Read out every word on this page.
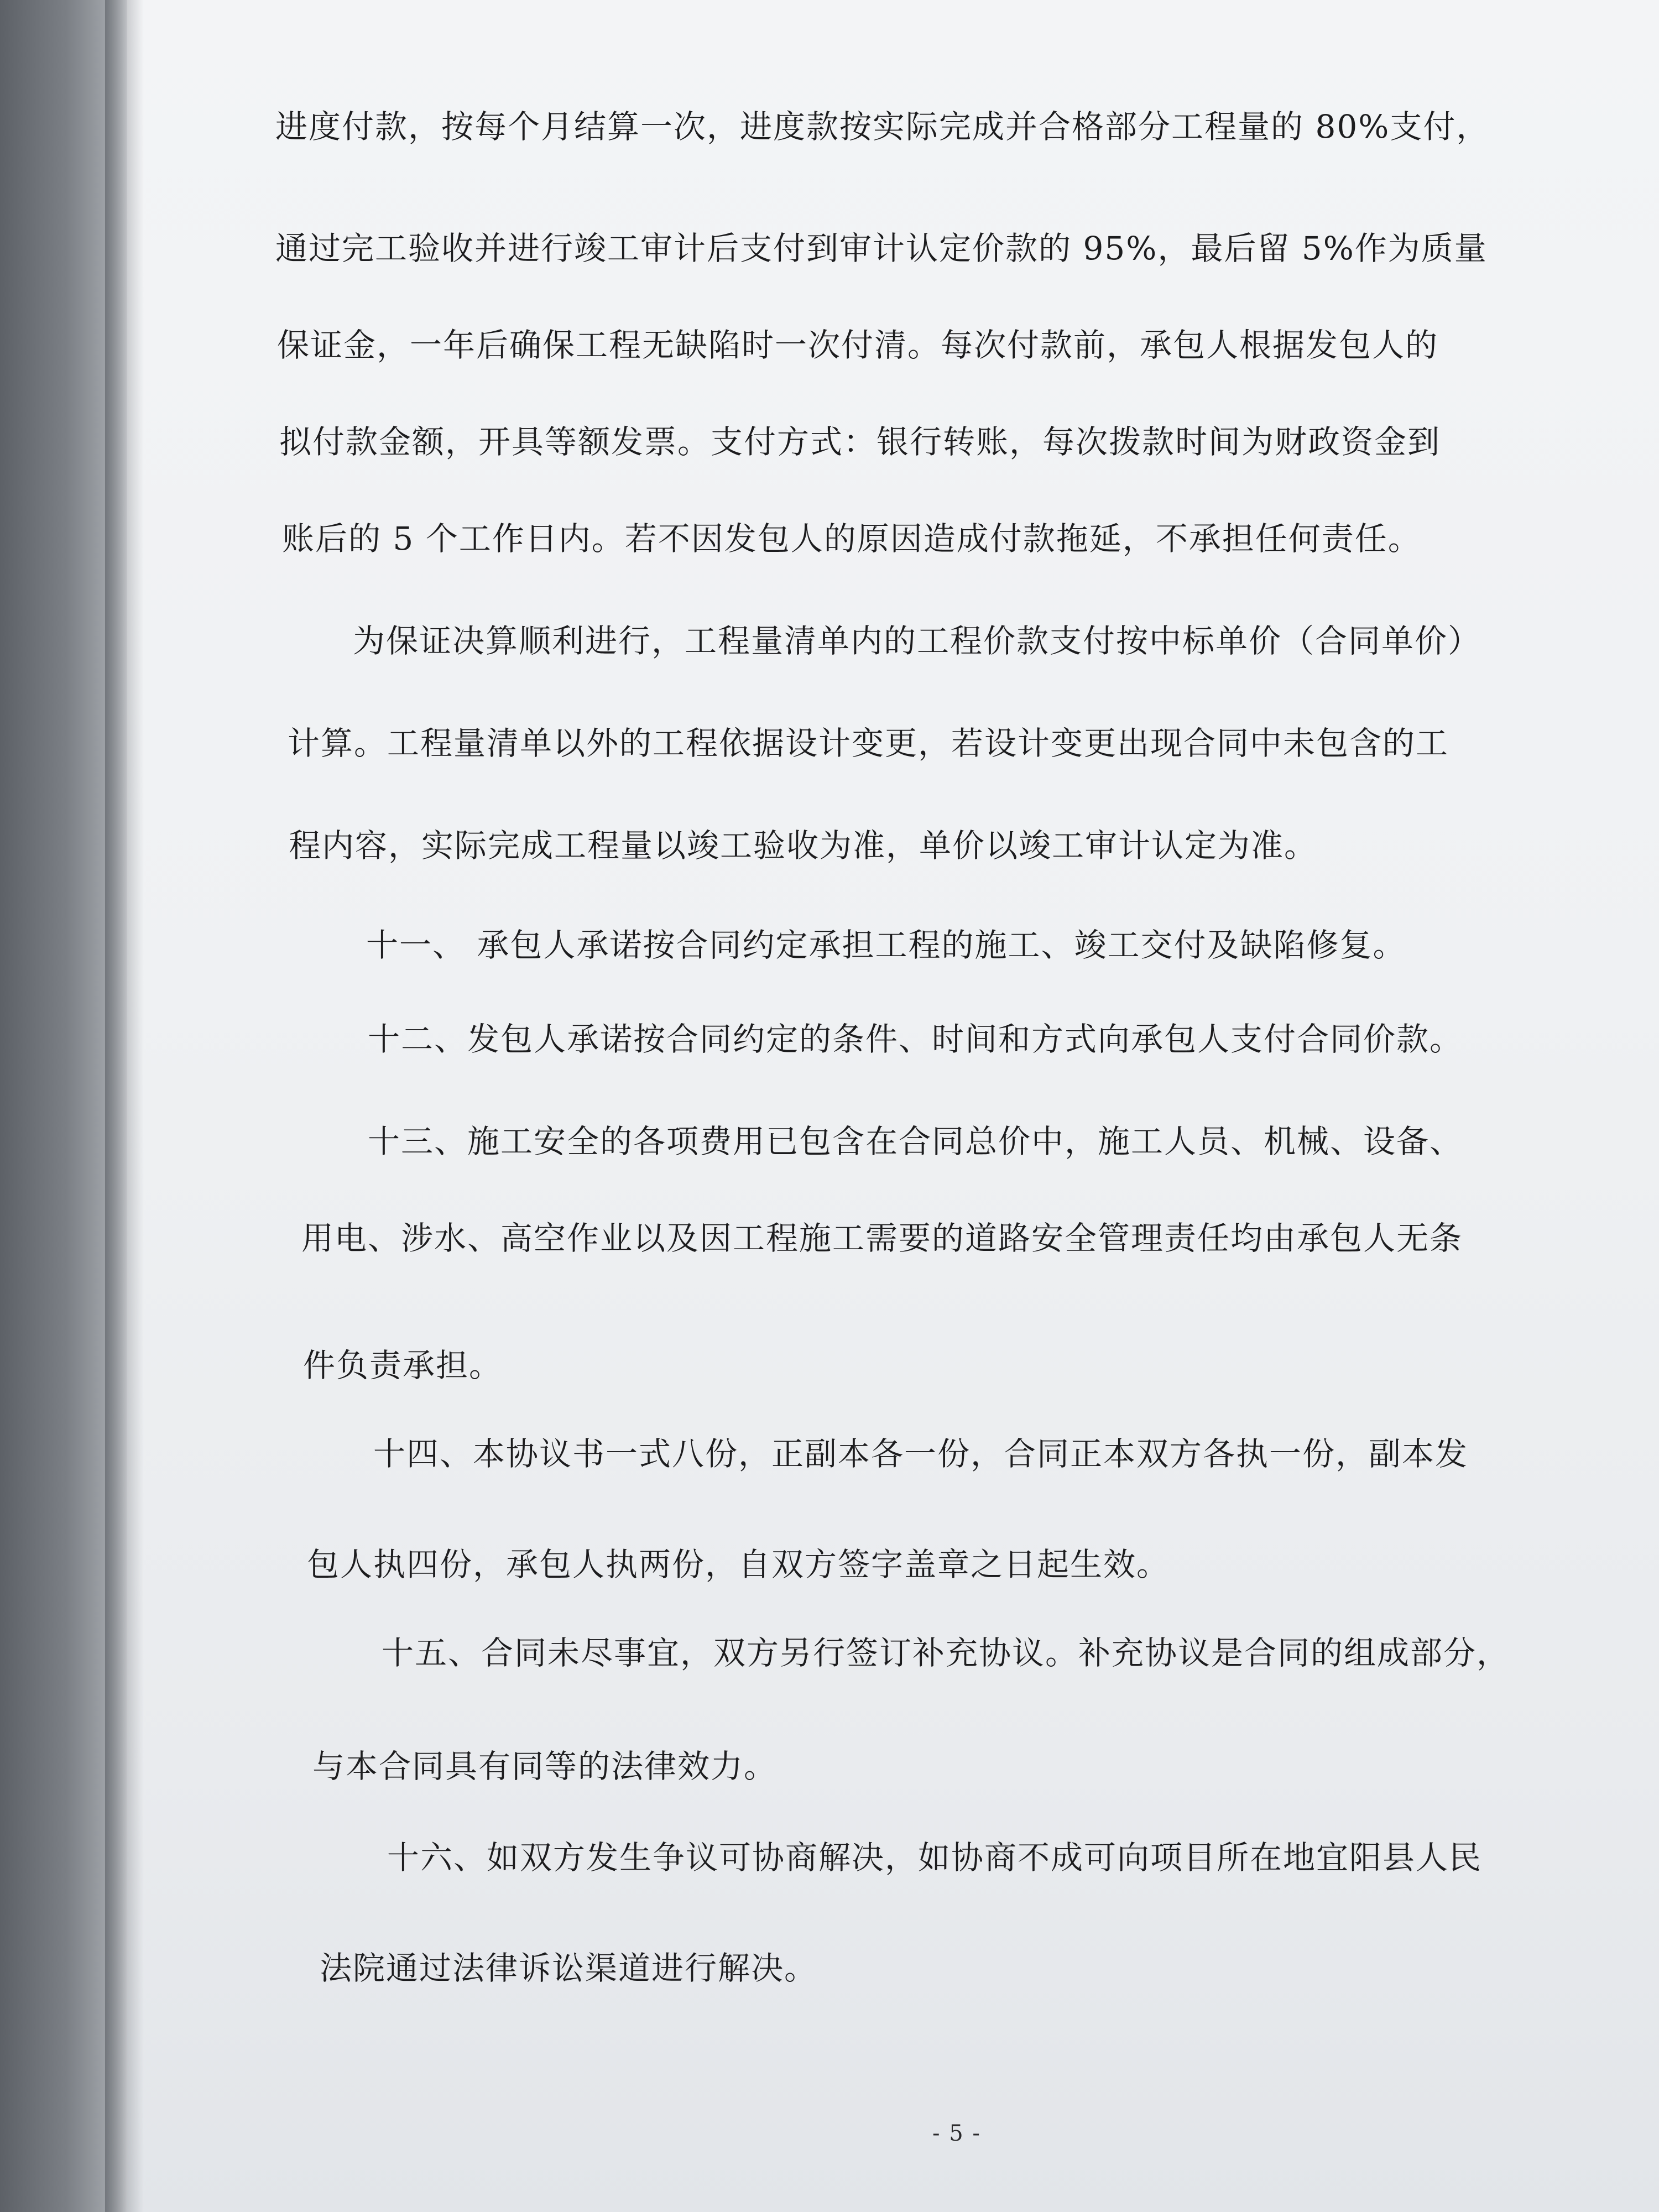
进度付款，按每个月结算一次，进度款按实际完成并合格部分工程量的 80%支付，
通过完工验收并进行竣工审计后支付到审计认定价款的 95%，最后留 5%作为质量
保证金，一年后确保工程无缺陷时一次付清。每次付款前，承包人根据发包人的
拟付款金额，开具等额发票。支付方式：银行转账，每次拨款时间为财政资金到
账后的 5 个工作日内。若不因发包人的原因造成付款拖延，不承担任何责任。
为保证决算顺利进行，工程量清单内的工程价款支付按中标单价（合同单价）
计算。工程量清单以外的工程依据设计变更，若设计变更出现合同中未包含的工
程内容，实际完成工程量以竣工验收为准，单价以竣工审计认定为准。
十一、 承包人承诺按合同约定承担工程的施工、竣工交付及缺陷修复。
十二、发包人承诺按合同约定的条件、时间和方式向承包人支付合同价款。
十三、施工安全的各项费用已包含在合同总价中，施工人员、机械、设备、
用电、涉水、高空作业以及因工程施工需要的道路安全管理责任均由承包人无条
件负责承担。
十四、本协议书一式八份，正副本各一份，合同正本双方各执一份，副本发
包人执四份，承包人执两份，自双方签字盖章之日起生效。
十五、合同未尽事宜，双方另行签订补充协议。补充协议是合同的组成部分，
与本合同具有同等的法律效力。
十六、如双方发生争议可协商解决，如协商不成可向项目所在地宜阳县人民
法院通过法律诉讼渠道进行解决。
- 5 -
